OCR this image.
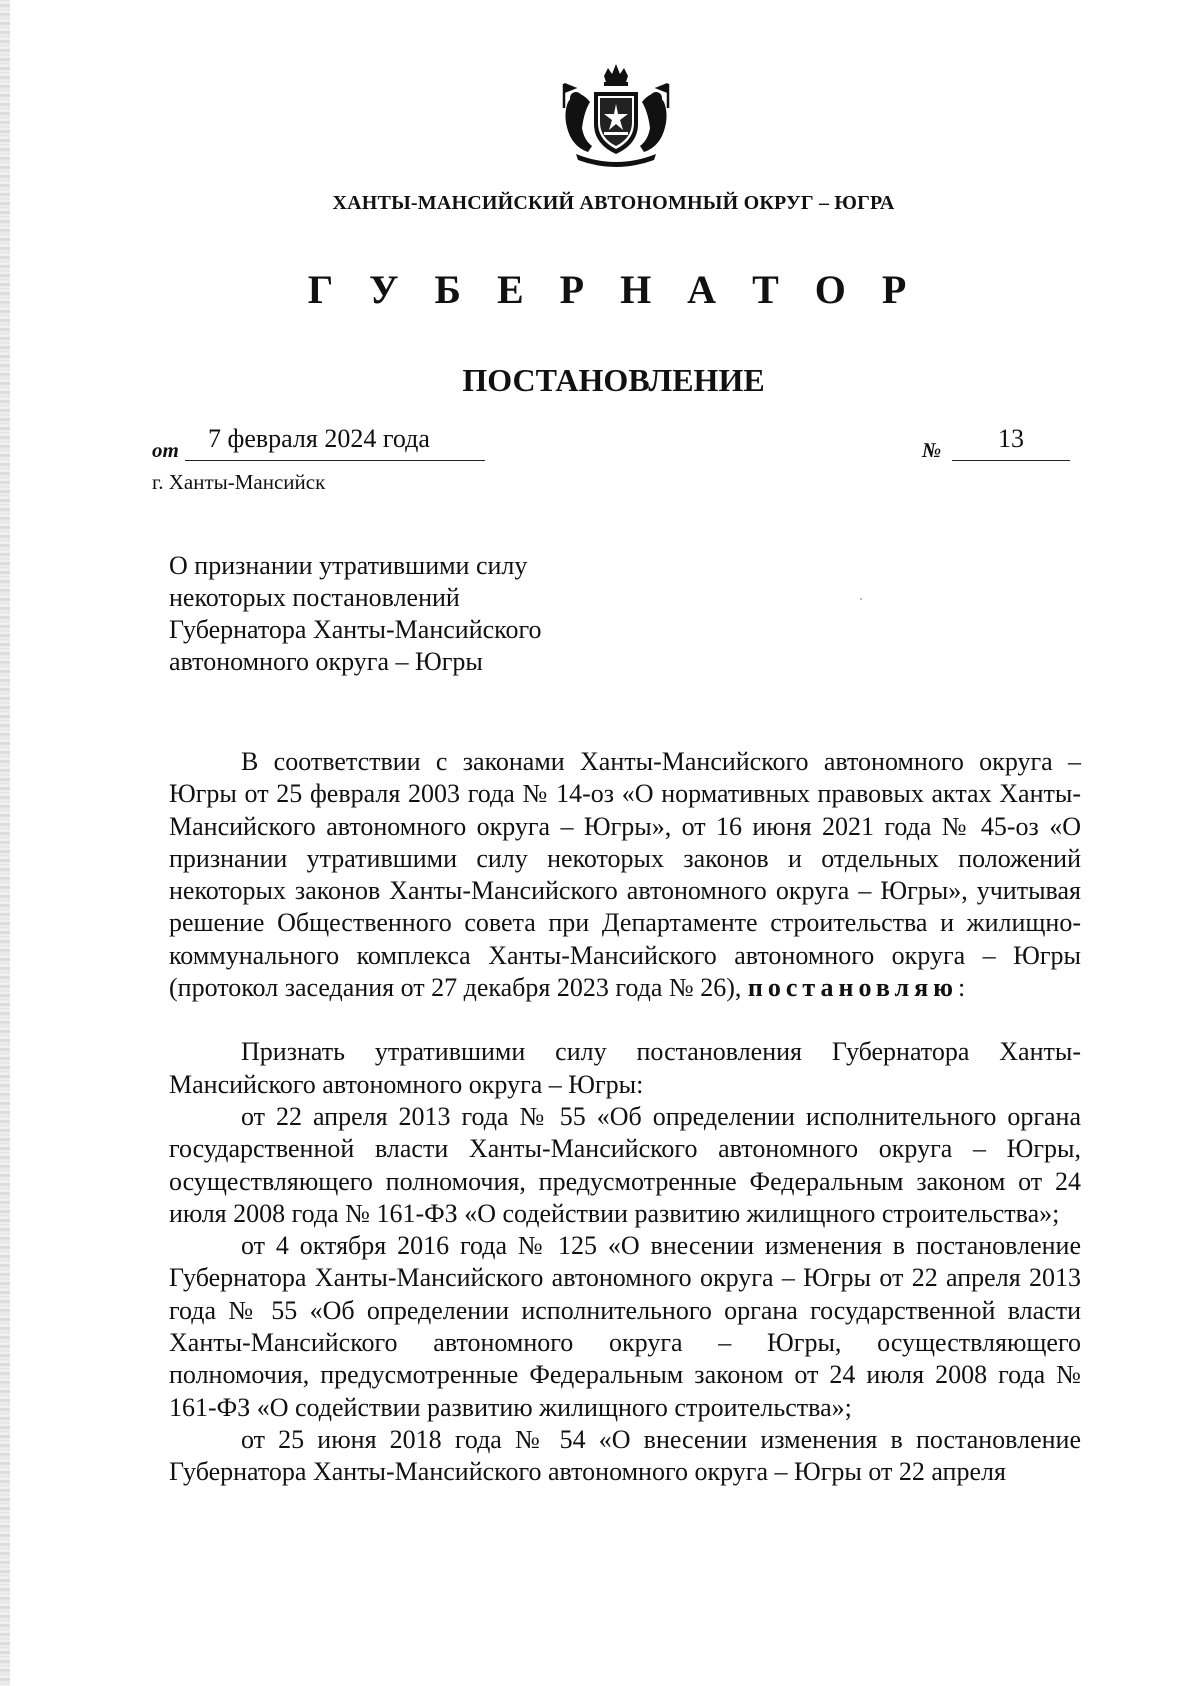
ХАНТЫ-МАНСИЙСКИЙ АВТОНОМНЫЙ ОКРУГ – ЮГРА
Г У Б Е Р Н А Т О Р
ПОСТАНОВЛЕНИЕ
от 7 февраля 2024 года	№ 13
г. Ханты-Мансийск
О признании утратившими силу
некоторых постановлений
Губернатора Ханты-Мансийского
автономного округа – Югры

В соответствии с законами Ханты-Мансийского автономного округа – Югры от 25 февраля 2003 года № 14-оз «О нормативных правовых актах Ханты-Мансийского автономного округа – Югры», от 16 июня 2021 года № 45-оз «О признании утратившими силу некоторых законов и отдельных положений некоторых законов Ханты-Мансийского автономного округа – Югры», учитывая решение Общественного совета при Департаменте строительства и жилищно-коммунального комплекса Ханты-Мансийского автономного округа – Югры (протокол заседания от 27 декабря 2023 года № 26), постановляю:

Признать утратившими силу постановления Губернатора Ханты-Мансийского автономного округа – Югры:

от 22 апреля 2013 года № 55 «Об определении исполнительного органа государственной власти Ханты-Мансийского автономного округа – Югры, осуществляющего полномочия, предусмотренные Федеральным законом от 24 июля 2008 года № 161-ФЗ «О содействии развитию жилищного строительства»;

от 4 октября 2016 года № 125 «О внесении изменения в постановление Губернатора Ханты-Мансийского автономного округа – Югры от 22 апреля 2013 года № 55 «Об определении исполнительного органа государственной власти Ханты-Мансийского автономного округа – Югры, осуществляющего полномочия, предусмотренные Федеральным законом от 24 июля 2008 года № 161-ФЗ «О содействии развитию жилищного строительства»;

от 25 июня 2018 года № 54 «О внесении изменения в постановление Губернатора Ханты-Мансийского автономного округа – Югры от 22 апреля
